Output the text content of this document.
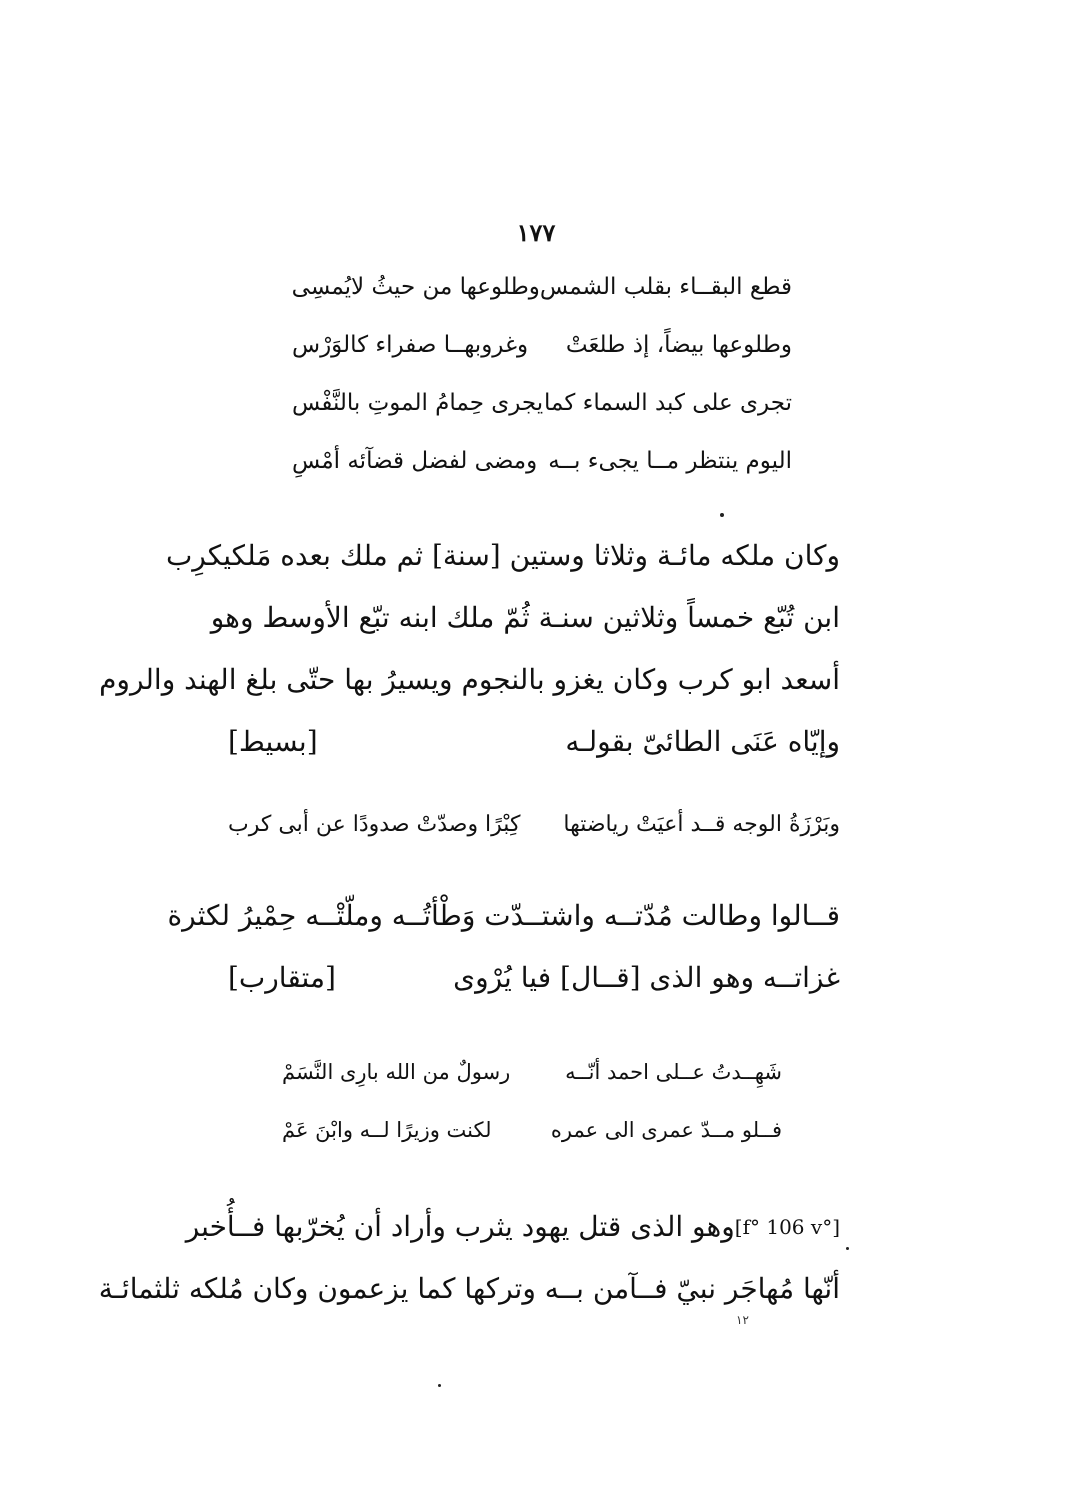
١٧٧
قطع البقــاء بقلب الشمس
وطلوعها من حيثُ لايُمسِى
وطلوعها بيضاً، إذ طلعَتْ
وغروبهــا صفراء كالوَرْس
تجرى على كبد السماء كما
يجرى حِمامُ الموتِ بالنَّفْس
اليوم ينتظر مــا يجىء بــه
ومضى لفضل قضآئه أمْسِ
وكان ملكه مائـة وثلاثا وستين [سنة] ثم ملك بعده مَلكيكرِب
ابن تُبّع خمساً وثلاثين سنـة ثُمّ ملك ابنه تبّع الأوسط وهو
أسعد ابو كرب وكان يغزو بالنجوم ويسيرُ بها حتّى بلغ الهند والروم
وإيّاه عَنَى الطائىّ بقولـه
[بسيط]
وبَرْزَةُ الوجه قــد أعيَتْ رياضتها
كِبْرًا وصدّتْ صدودًا عن أبى كرب
قــالوا وطالت مُدّتــه واشتــدّت وَطْأتُــه وملّتْــه حِمْيرُ لكثرة
غزاتــه وهو الذى [قــال] فيا يُرْوى
[متقارب]
شَهِــدتُ عــلى احمد أنّــه
رسولٌ من الله بارِى النَّسَمْ
فــلو مــدّ عمرى الى عمره
لكنت وزيرًا لــه وابْنَ عَمْ
[f° 106 v°]
وهو الذى قتل يهود يثرب وأراد أن يُخرّبها فــأُخبر
أنّها مُهاجَر نبيّ فــآمن بــه وتركها كما يزعمون وكان مُلكه ثلثمائـة
١٢
